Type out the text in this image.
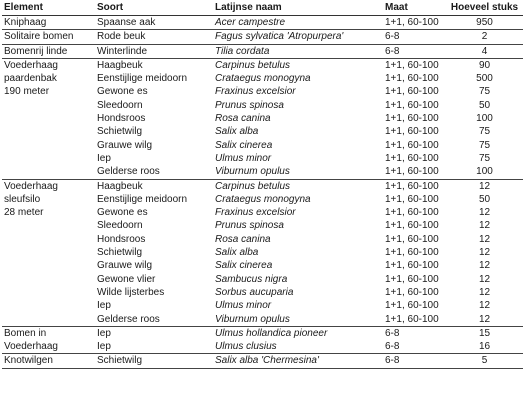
Element	Soort	Latijnse naam	Maat	Hoeveel stuks
Kniphaag	Spaanse aak	Acer campestre	1+1, 60-100	950
Solitaire bomen	Rode beuk	Fagus sylvatica 'Atropurpera'	6-8	2
Bomenrij linde	Winterlinde	Tilia cordata	6-8	4
Voederhaag
paardenbak
190 meter	Haagbeuk	Carpinus betulus	1+1, 60-100	90
	Eenstijlige meidoorn	Crataegus monogyna	1+1, 60-100	500
	Gewone es	Fraxinus excelsior	1+1, 60-100	75
	Sleedoorn	Prunus spinosa	1+1, 60-100	50
	Hondsroos	Rosa canina	1+1, 60-100	100
	Schietwilg	Salix alba	1+1, 60-100	75
	Grauwe wilg	Salix cinerea	1+1, 60-100	75
	Iep	Ulmus minor	1+1, 60-100	75
	Gelderse roos	Viburnum opulus	1+1, 60-100	100
Voederhaag
sleufsilo
28 meter	Haagbeuk	Carpinus betulus	1+1, 60-100	12
	Eenstijlige meidoorn	Crataegus monogyna	1+1, 60-100	50
	Gewone es	Fraxinus excelsior	1+1, 60-100	12
	Sleedoorn	Prunus spinosa	1+1, 60-100	12
	Hondsroos	Rosa canina	1+1, 60-100	12
	Schietwilg	Salix alba	1+1, 60-100	12
	Grauwe wilg	Salix cinerea	1+1, 60-100	12
	Gewone vlier	Sambucus nigra	1+1, 60-100	12
	Wilde lijsterbes	Sorbus aucuparia	1+1, 60-100	12
	Iep	Ulmus minor	1+1, 60-100	12
	Gelderse roos	Viburnum opulus	1+1, 60-100	12
Bomen in
Voederhaag	Iep	Ulmus hollandica pioneer	6-8	15
	Iep	Ulmus clusius	6-8	16
Knotwilgen	Schietwilg	Salix alba 'Chermesina'	6-8	5
